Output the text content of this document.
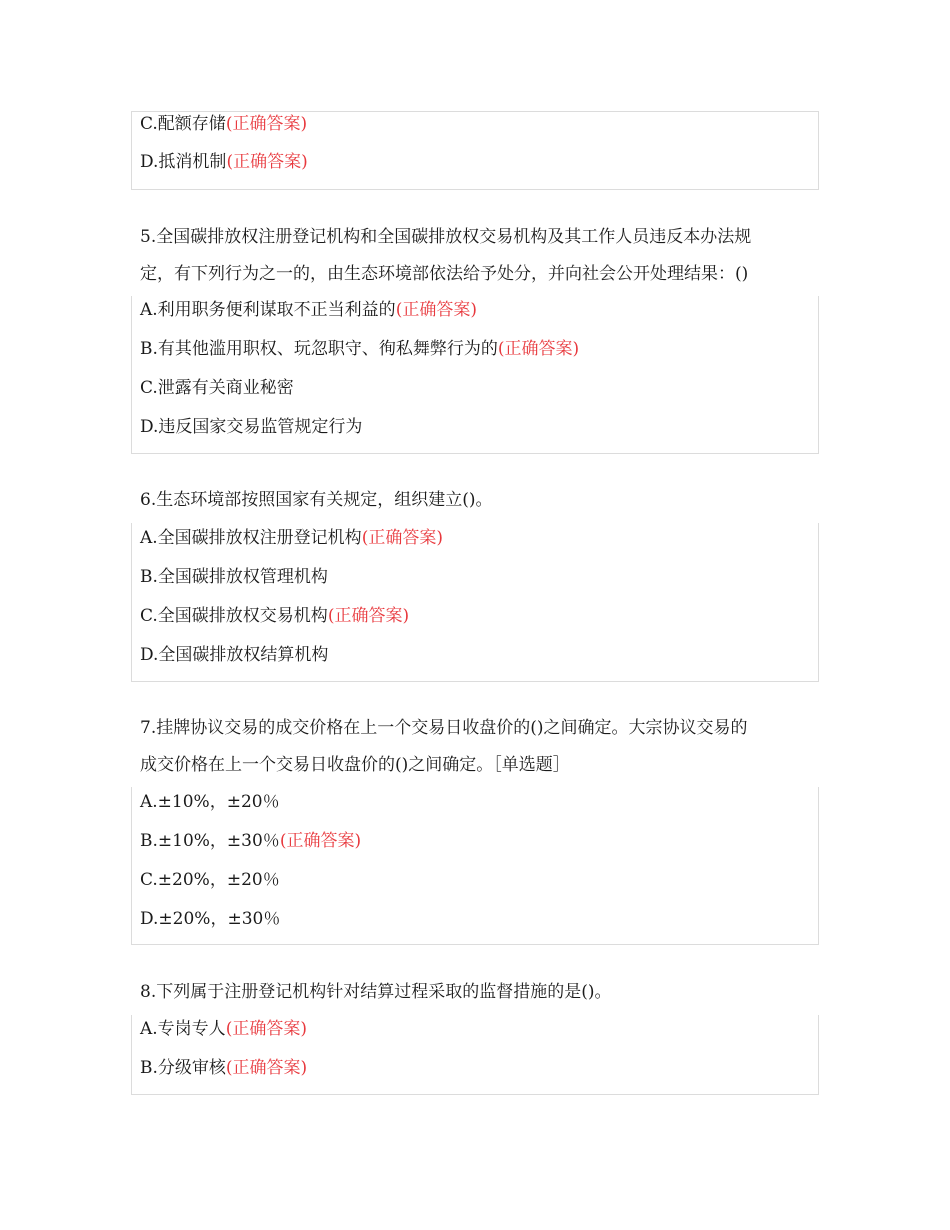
C.配额存储(正确答案)
D.抵消机制(正确答案)
5.全国碳排放权注册登记机构和全国碳排放权交易机构及其工作人员违反本办法规
定，有下列行为之一的，由生态环境部依法给予处分，并向社会公开处理结果：()
A.利用职务便利谋取不正当利益的(正确答案)
B.有其他滥用职权、玩忽职守、徇私舞弊行为的(正确答案)
C.泄露有关商业秘密
D.违反国家交易监管规定行为
6.生态环境部按照国家有关规定，组织建立()。
A.全国碳排放权注册登记机构(正确答案)
B.全国碳排放权管理机构
C.全国碳排放权交易机构(正确答案)
D.全国碳排放权结算机构
7.挂牌协议交易的成交价格在上一个交易日收盘价的()之间确定。大宗协议交易的
成交价格在上一个交易日收盘价的()之间确定。［单选题］
A.±10%，±20％
B.±10%，±30％(正确答案)
C.±20%，±20％
D.±20%，±30％
8.下列属于注册登记机构针对结算过程采取的监督措施的是()。
A.专岗专人(正确答案)
B.分级审核(正确答案)
